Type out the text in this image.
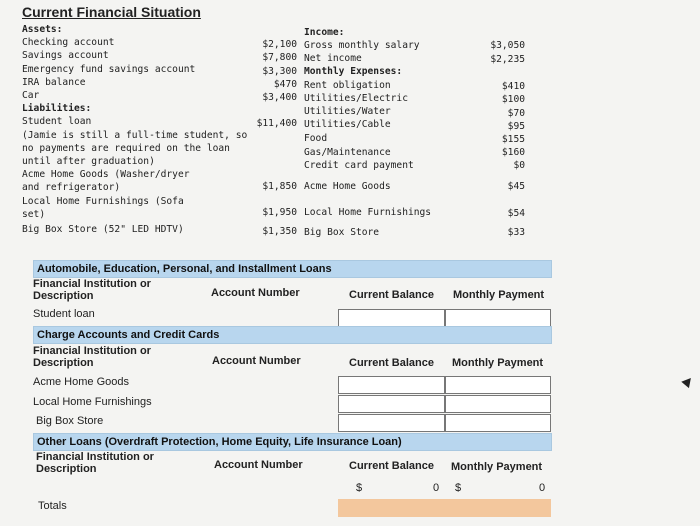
Current Financial Situation
Assets:
Checking account	$2,100
Savings account	$7,800
Emergency fund savings account	$3,300
IRA balance	$470
Car	$3,400
Liabilities:
Student loan	$11,400
(Jamie is still a full-time student, so
no payments are required on the loan
until after graduation)
Acme Home Goods (Washer/dryer
and refrigerator)	$1,850
Local Home Furnishings (Sofa
set)	$1,950
Big Box Store (52" LED HDTV)	$1,350
Income:
Gross monthly salary	$3,050
Net income	$2,235
Monthly Expenses:
Rent obligation	$410
Utilities/Electric	$100
Utilities/Water	$70
Utilities/Cable	$95
Food	$155
Gas/Maintenance	$160
Credit card payment	$0
Acme Home Goods	$45
Local Home Furnishings	$54
Big Box Store	$33
Automobile, Education, Personal, and Installment Loans
Financial Institution or
Description	Account Number	Current Balance Monthly Payment
Student loan
Charge Accounts and Credit Cards
Financial Institution or
Description	Account Number	Current Balance Monthly Payment
Acme Home Goods
Local Home Furnishings
Big Box Store
Other Loans (Overdraft Protection, Home Equity, Life Insurance Loan)
Financial Institution or
Description	Account Number	Current Balance Monthly Payment
$	0 $	0
Totals
